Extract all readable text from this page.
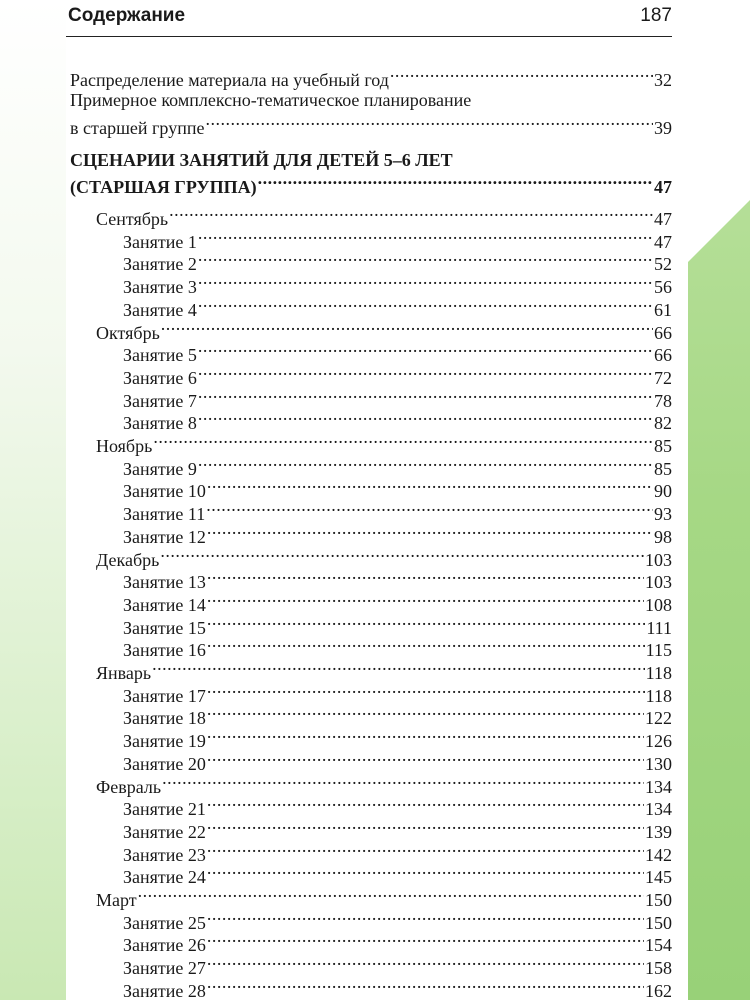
Содержание	187
Распределение материала на учебный год .....	32
Примерное комплексно-тематическое планирование
в старшей группе .....	39
СЦЕНАРИИ ЗАНЯТИЙ ДЛЯ ДЕТЕЙ 5–6 ЛЕТ
(СТАРШАЯ ГРУППА) .....	47
Сентябрь .....	47
Занятие 1 .....	47
Занятие 2 .....	52
Занятие 3 .....	56
Занятие 4 .....	61
Октябрь .....	66
Занятие 5 .....	66
Занятие 6 .....	72
Занятие 7 .....	78
Занятие 8 .....	82
Ноябрь .....	85
Занятие 9 .....	85
Занятие 10 .....	90
Занятие 11 .....	93
Занятие 12 .....	98
Декабрь .....	103
Занятие 13 .....	103
Занятие 14 .....	108
Занятие 15 .....	111
Занятие 16 .....	115
Январь .....	118
Занятие 17 .....	118
Занятие 18 .....	122
Занятие 19 .....	126
Занятие 20 .....	130
Февраль .....	134
Занятие 21 .....	134
Занятие 22 .....	139
Занятие 23 .....	142
Занятие 24 .....	145
Март .....	150
Занятие 25 .....	150
Занятие 26 .....	154
Занятие 27 .....	158
Занятие 28 .....	162
